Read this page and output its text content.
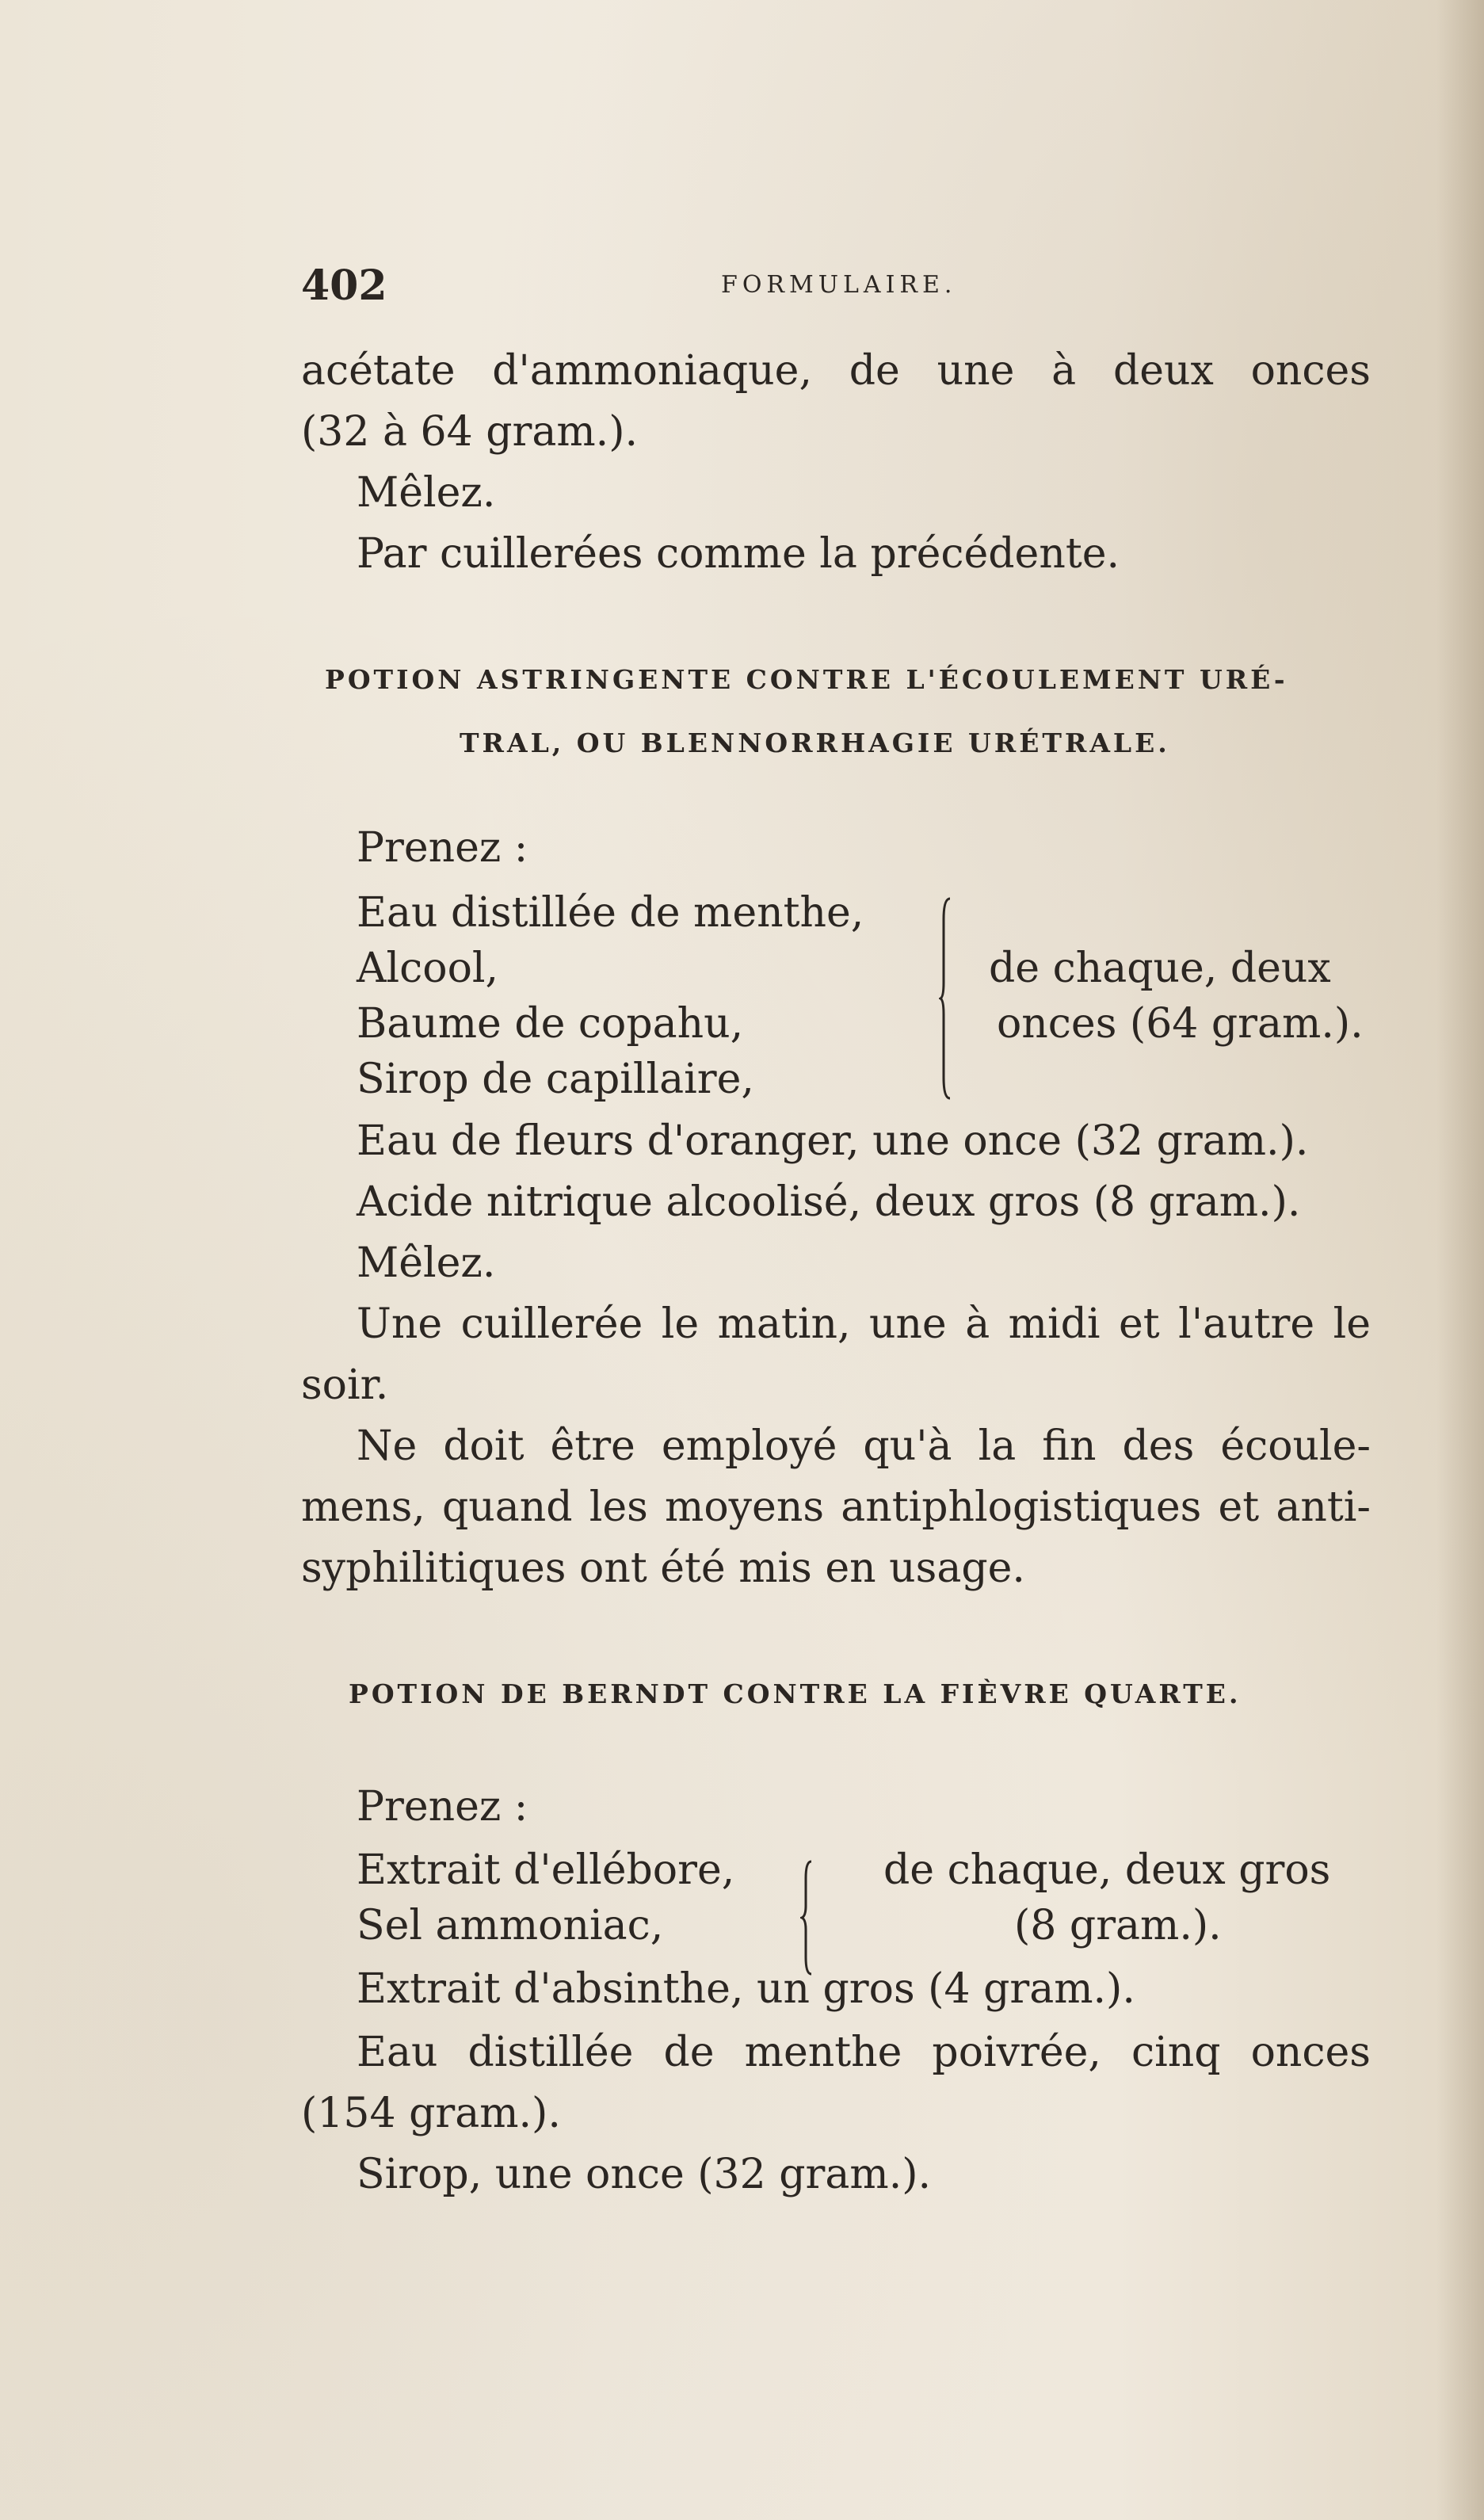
402	FORMULAIRE.
acétate d'ammoniaque, de une à deux onces
(32 à 64 gram.).
Mêlez.
Par cuillerées comme la précédente.
POTION ASTRINGENTE CONTRE L'ÉCOULEMENT URÉ-
TRAL, OU BLENNORRHAGIE URÉTRALE.
Prenez :
Eau distillée de menthe,
Alcool,
Baume de copahu,
Sirop de capillaire,
de chaque, deux
onces (64 gram.).
Eau de fleurs d'oranger, une once (32 gram.).
Acide nitrique alcoolisé, deux gros (8 gram.).
Mêlez.
Une cuillerée le matin, une à midi et l'autre le
soir.
Ne doit être employé qu'à la fin des écoule-
mens, quand les moyens antiphlogistiques et anti-
syphilitiques ont été mis en usage.
POTION DE BERNDT CONTRE LA FIÈVRE QUARTE.
Prenez :
Extrait d'ellébore,
Sel ammoniac,
de chaque, deux gros
(8 gram.).
Extrait d'absinthe, un gros (4 gram.).
Eau distillée de menthe poivrée, cinq onces
(154 gram.).
Sirop, une once (32 gram.).
